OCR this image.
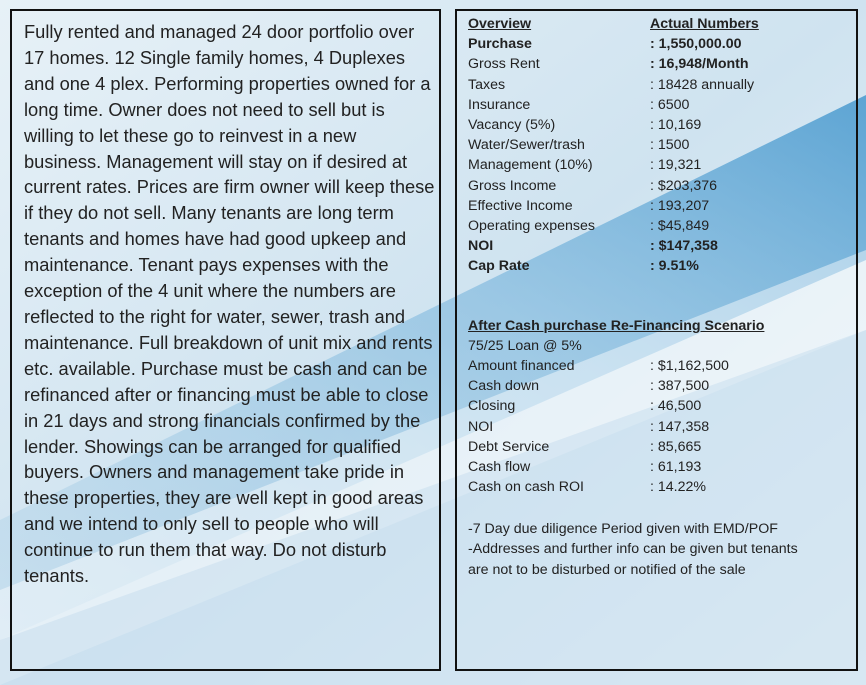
Fully rented and managed 24 door portfolio over 17 homes. 12 Single family homes, 4 Duplexes and one 4 plex. Performing properties owned for a long time. Owner does not need to sell but is willing to let these go to reinvest in a new business. Management will stay on if desired at current rates. Prices are firm owner will keep these if they do not sell. Many tenants are long term tenants and homes have had good upkeep and maintenance. Tenant pays expenses with the exception of the 4 unit where the numbers are reflected to the right for water, sewer, trash and maintenance. Full breakdown of unit mix and rents etc. available. Purchase must be cash and can be refinanced after or financing must be able to close in 21 days and strong financials confirmed by the lender. Showings can be arranged for qualified buyers. Owners and management take pride in these properties, they are well kept in good areas and we intend to only sell to people who will continue to run them that way. Do not disturb tenants.

Overview	Actual Numbers
Purchase	: 1,550,000.00
Gross Rent	: 16,948/Month
Taxes	: 18428 annually
Insurance	: 6500
Vacancy (5%)	: 10,169
Water/Sewer/trash	: 1500
Management (10%)	: 19,321
Gross Income	: $203,376
Effective Income	: 193,207
Operating expenses	: $45,849
NOI	: $147,358
Cap Rate	: 9.51%
After Cash purchase Re-Financing Scenario
75/25 Loan @ 5%
Amount financed	: $1,162,500
Cash down	: 387,500
Closing	: 46,500
NOI	: 147,358
Debt Service	: 85,665
Cash flow	: 61,193
Cash on cash ROI	: 14.22%
-7 Day due diligence Period given with EMD/POF
-Addresses and further info can be given but tenants
are not to be disturbed or notified of the sale
